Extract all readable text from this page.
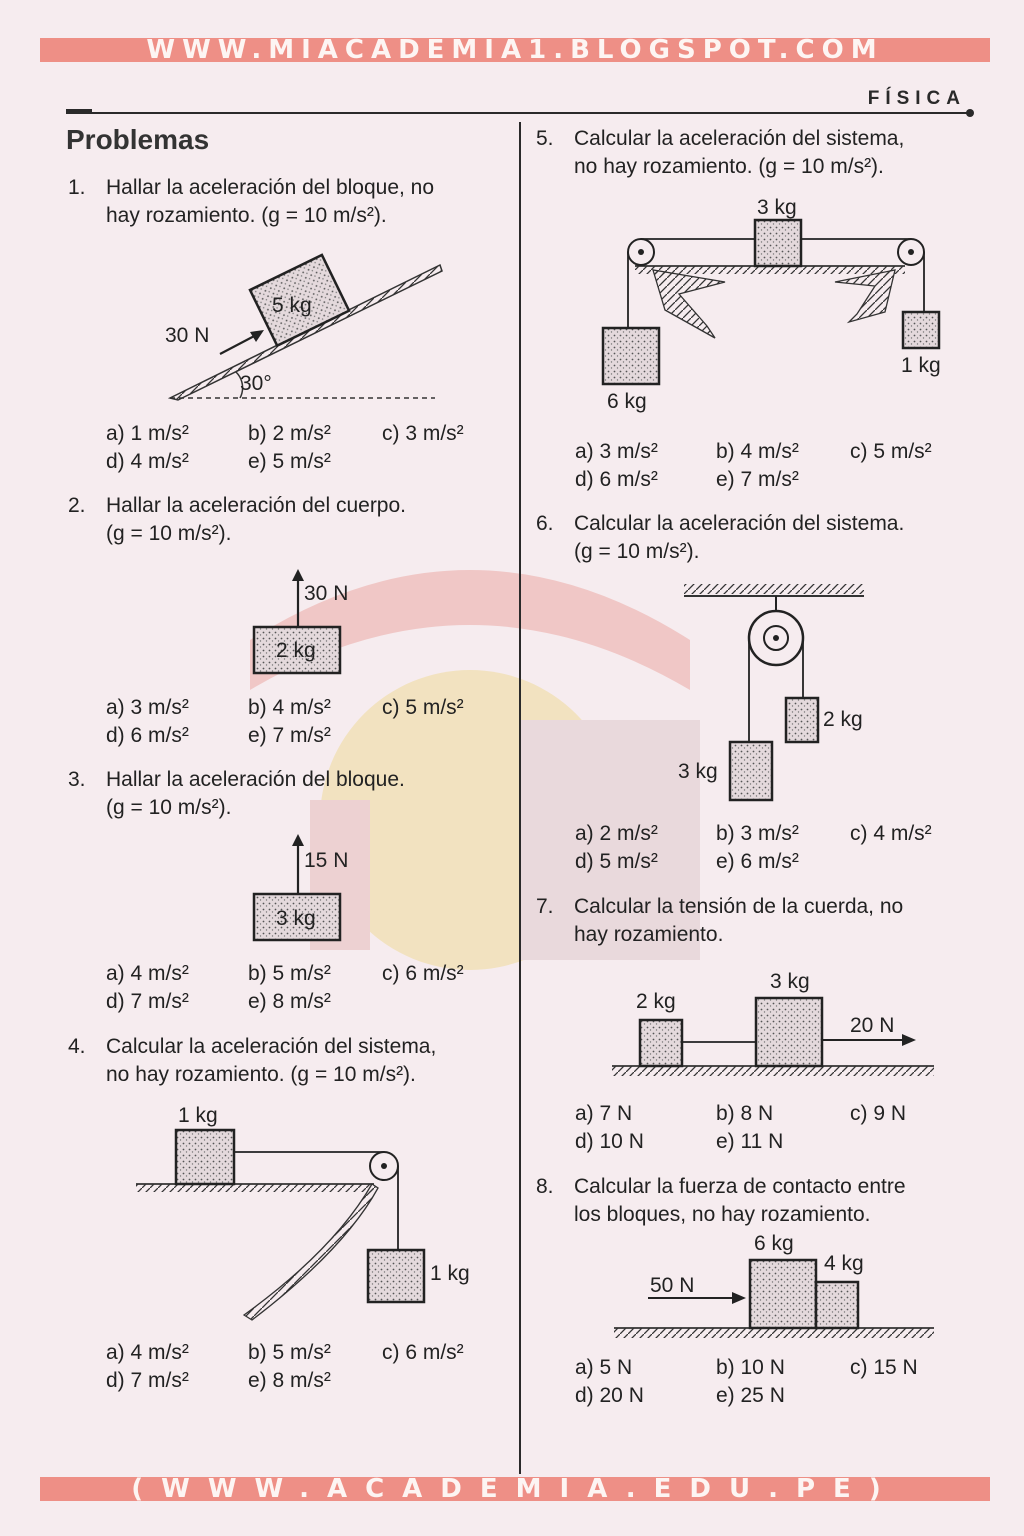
WWW.MIACADEMIA1.BLOGSPOT.COM
FÍSICA
Problemas
1. Hallar la aceleración del bloque, no
hay rozamiento. (g = 10 m/s²).
5 kg
30 N
30°
a) 1 m/s²	b) 2 m/s² c) 3 m/s²
d) 4 m/s²	e) 5 m/s²
2. Hallar la aceleración del cuerpo.
(g = 10 m/s²).
30 N
2 kg
a) 3 m/s²	b) 4 m/s² c) 5 m/s²
d) 6 m/s²	e) 7 m/s²
3. Hallar la aceleración del bloque.
(g = 10 m/s²).
15 N
3 kg
a) 4 m/s²	b) 5 m/s² c) 6 m/s²
d) 7 m/s²	e) 8 m/s²
4. Calcular la aceleración del sistema,
no hay rozamiento. (g = 10 m/s²).
1 kg
1 kg
a) 4 m/s²	b) 5 m/s² c) 6 m/s²
d) 7 m/s²	e) 8 m/s²
5. Calcular la aceleración del sistema,
no hay rozamiento. (g = 10 m/s²).
3 kg
6 kg
1 kg
a) 3 m/s²	b) 4 m/s² c) 5 m/s²
d) 6 m/s²	e) 7 m/s²
6. Calcular la aceleración del sistema.
(g = 10 m/s²).
2 kg
3 kg
a) 2 m/s²	b) 3 m/s² c) 4 m/s²
d) 5 m/s²	e) 6 m/s²
7. Calcular la tensión de la cuerda, no
hay rozamiento.
2 kg
3 kg
20 N
a) 7 N	b) 8 N	c) 9 N
d) 10 N	e) 11 N
8. Calcular la fuerza de contacto entre
los bloques, no hay rozamiento.
6 kg
4 kg
50 N
a) 5 N	b) 10 N	c) 15 N
d) 20 N	e) 25 N
(WWW.ACADEMIA.EDU.PE)
